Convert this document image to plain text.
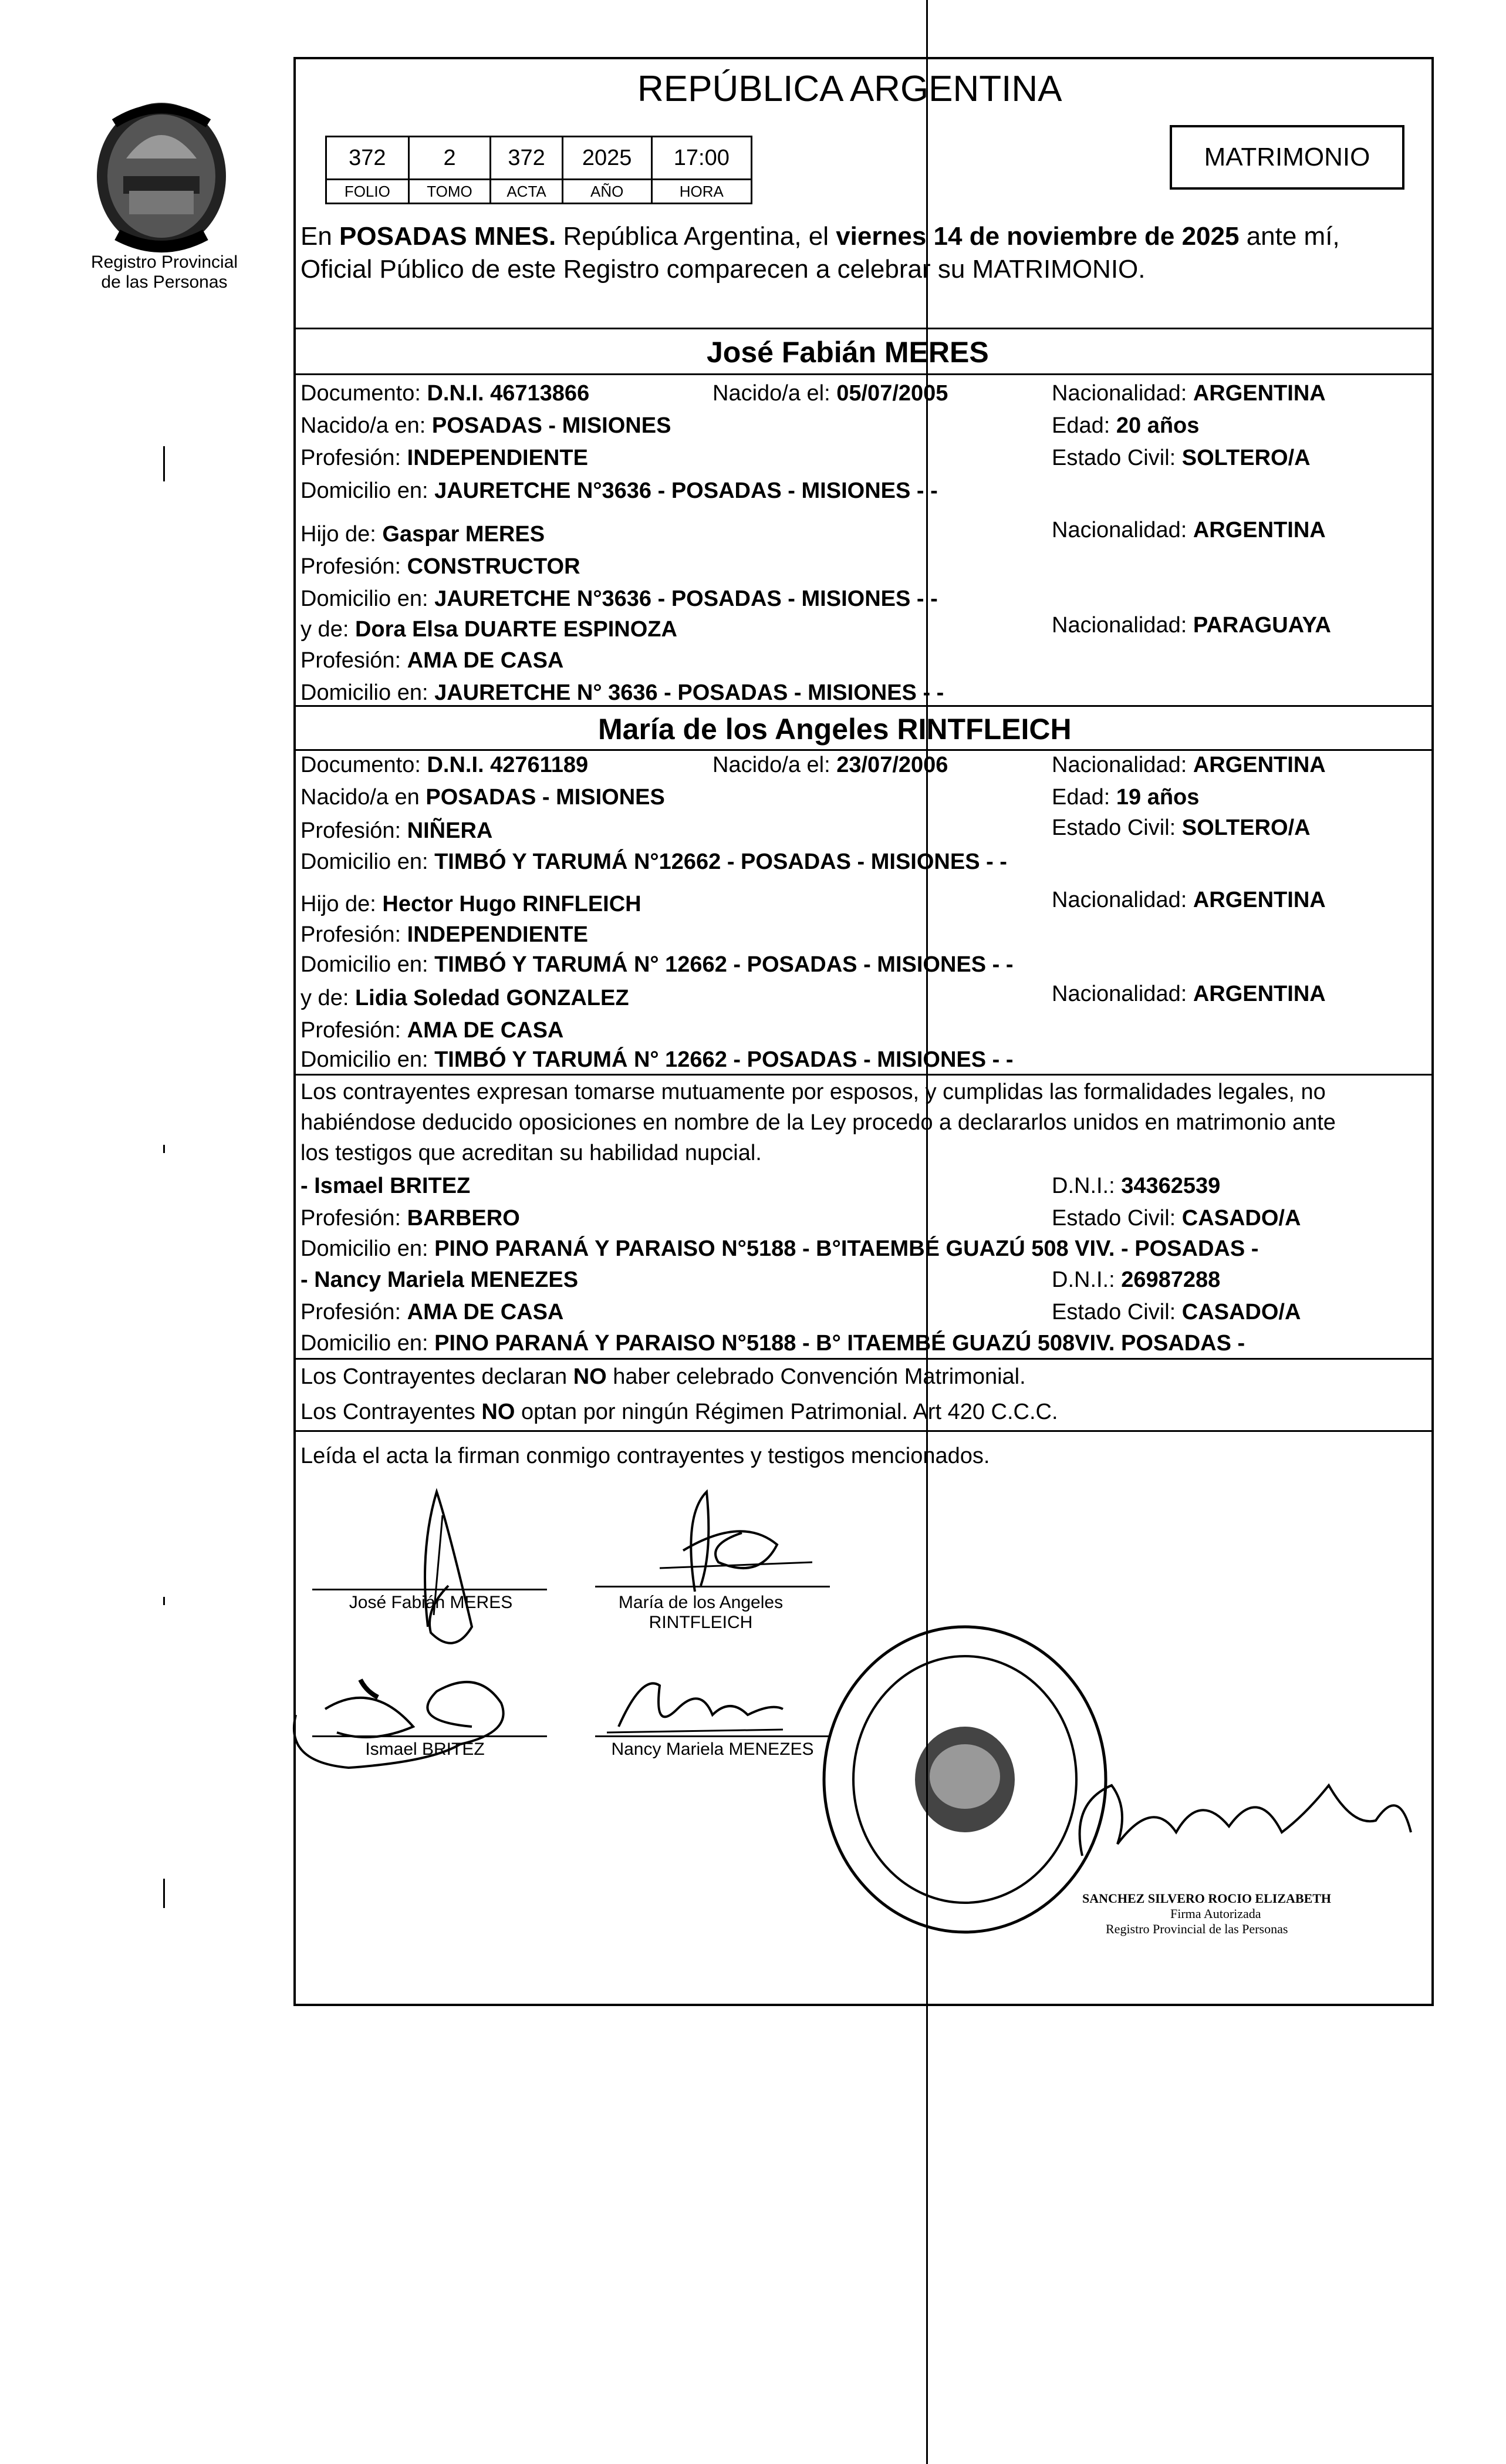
Registro Provincial
de las Personas
REPÚBLICA ARGENTINA
372	2	372	2025	17:00
FOLIO	TOMO	ACTA	AÑO	HORA
MATRIMONIO
En POSADAS MNES. República Argentina, el viernes 14 de noviembre de 2025 ante mí,
Oficial Público de este Registro comparecen a celebrar su MATRIMONIO.
José Fabián MERES
Documento: D.N.I. 46713866	Nacido/a el: 05/07/2005	Nacionalidad: ARGENTINA
Nacido/a en: POSADAS - MISIONES	Edad: 20 años
Profesión: INDEPENDIENTE	Estado Civil: SOLTERO/A
Domicilio en: JAURETCHE N°3636 - POSADAS - MISIONES - -
Hijo de: Gaspar MERES	Nacionalidad: ARGENTINA
Profesión: CONSTRUCTOR
Domicilio en: JAURETCHE N°3636 - POSADAS - MISIONES - -
y de: Dora Elsa DUARTE ESPINOZA	Nacionalidad: PARAGUAYA
Profesión: AMA DE CASA
Domicilio en: JAURETCHE N° 3636 - POSADAS - MISIONES - -
María de los Angeles RINTFLEICH
Documento: D.N.I. 42761189	Nacido/a el: 23/07/2006	Nacionalidad: ARGENTINA
Nacido/a en POSADAS - MISIONES	Edad: 19 años
Profesión: NIÑERA	Estado Civil: SOLTERO/A
Domicilio en: TIMBÓ Y TARUMÁ N°12662 - POSADAS - MISIONES - -
Hijo de: Hector Hugo RINFLEICH	Nacionalidad: ARGENTINA
Profesión: INDEPENDIENTE
Domicilio en: TIMBÓ Y TARUMÁ N° 12662 - POSADAS - MISIONES - -
y de: Lidia Soledad GONZALEZ	Nacionalidad: ARGENTINA
Profesión: AMA DE CASA
Domicilio en: TIMBÓ Y TARUMÁ N° 12662 - POSADAS - MISIONES - -
Los contrayentes expresan tomarse mutuamente por esposos, y cumplidas las formalidades legales, no
habiéndose deducido oposiciones en nombre de la Ley procedo a declararlos unidos en matrimonio ante
los testigos que acreditan su habilidad nupcial.
- Ismael BRITEZ	D.N.I.: 34362539
Profesión: BARBERO	Estado Civil: CASADO/A
Domicilio en: PINO PARANÁ Y PARAISO N°5188 - B°ITAEMBÉ GUAZÚ 508 VIV. - POSADAS -
- Nancy Mariela MENEZES	D.N.I.: 26987288
Profesión: AMA DE CASA	Estado Civil: CASADO/A
Domicilio en: PINO PARANÁ Y PARAISO N°5188 - B° ITAEMBÉ GUAZÚ 508VIV. POSADAS -
Los Contrayentes declaran NO haber celebrado Convención Matrimonial.
Los Contrayentes NO optan por ningún Régimen Patrimonial. Art 420 C.C.C.
Leída el acta la firman conmigo contrayentes y testigos mencionados.
José Fabián MERES	María de los Angeles
RINTFLEICH
Ismael BRITEZ	Nancy Mariela MENEZES
SANCHEZ SILVERO ROCIO ELIZABETH
Firma Autorizada
Registro Provincial de las Personas
